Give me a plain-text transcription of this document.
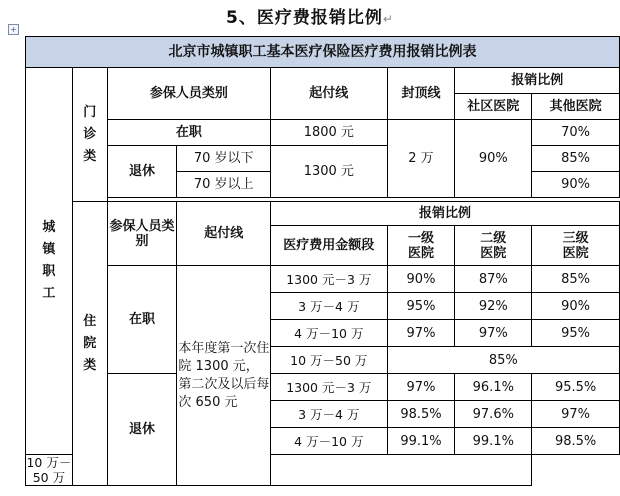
5、医疗费报销比例↵
+
北京市城镇职工基本医疗保险医疗费用报销比例表							
城镇职工	门诊类	参保人员类别		起付线	封顶线	报销比例	
						社区医院	其他医院
		在职		1800 元	2 万	90%	70%
		退休	70 岁以下	1300 元			85%
			70 岁以上				90%

	住院类	参保人员类别	起付线	报销比例			
				医疗费用金额段	一级医院	二级医院	三级医院
		在职	本年度第一次住院 1300 元，第二次及以后每次 650 元	1300 元－3 万	90%	87%	85%
				3 万－4 万	95%	92%	90%
				4 万－10 万	97%	97%	95%
				10 万－50 万	85%		
		退休		1300 元－3 万	97%	96.1%	95.5%
				3 万－4 万	98.5%	97.6%	97%
				4 万－10 万	99.1%	99.1%	98.5%
10 万－50 万							
